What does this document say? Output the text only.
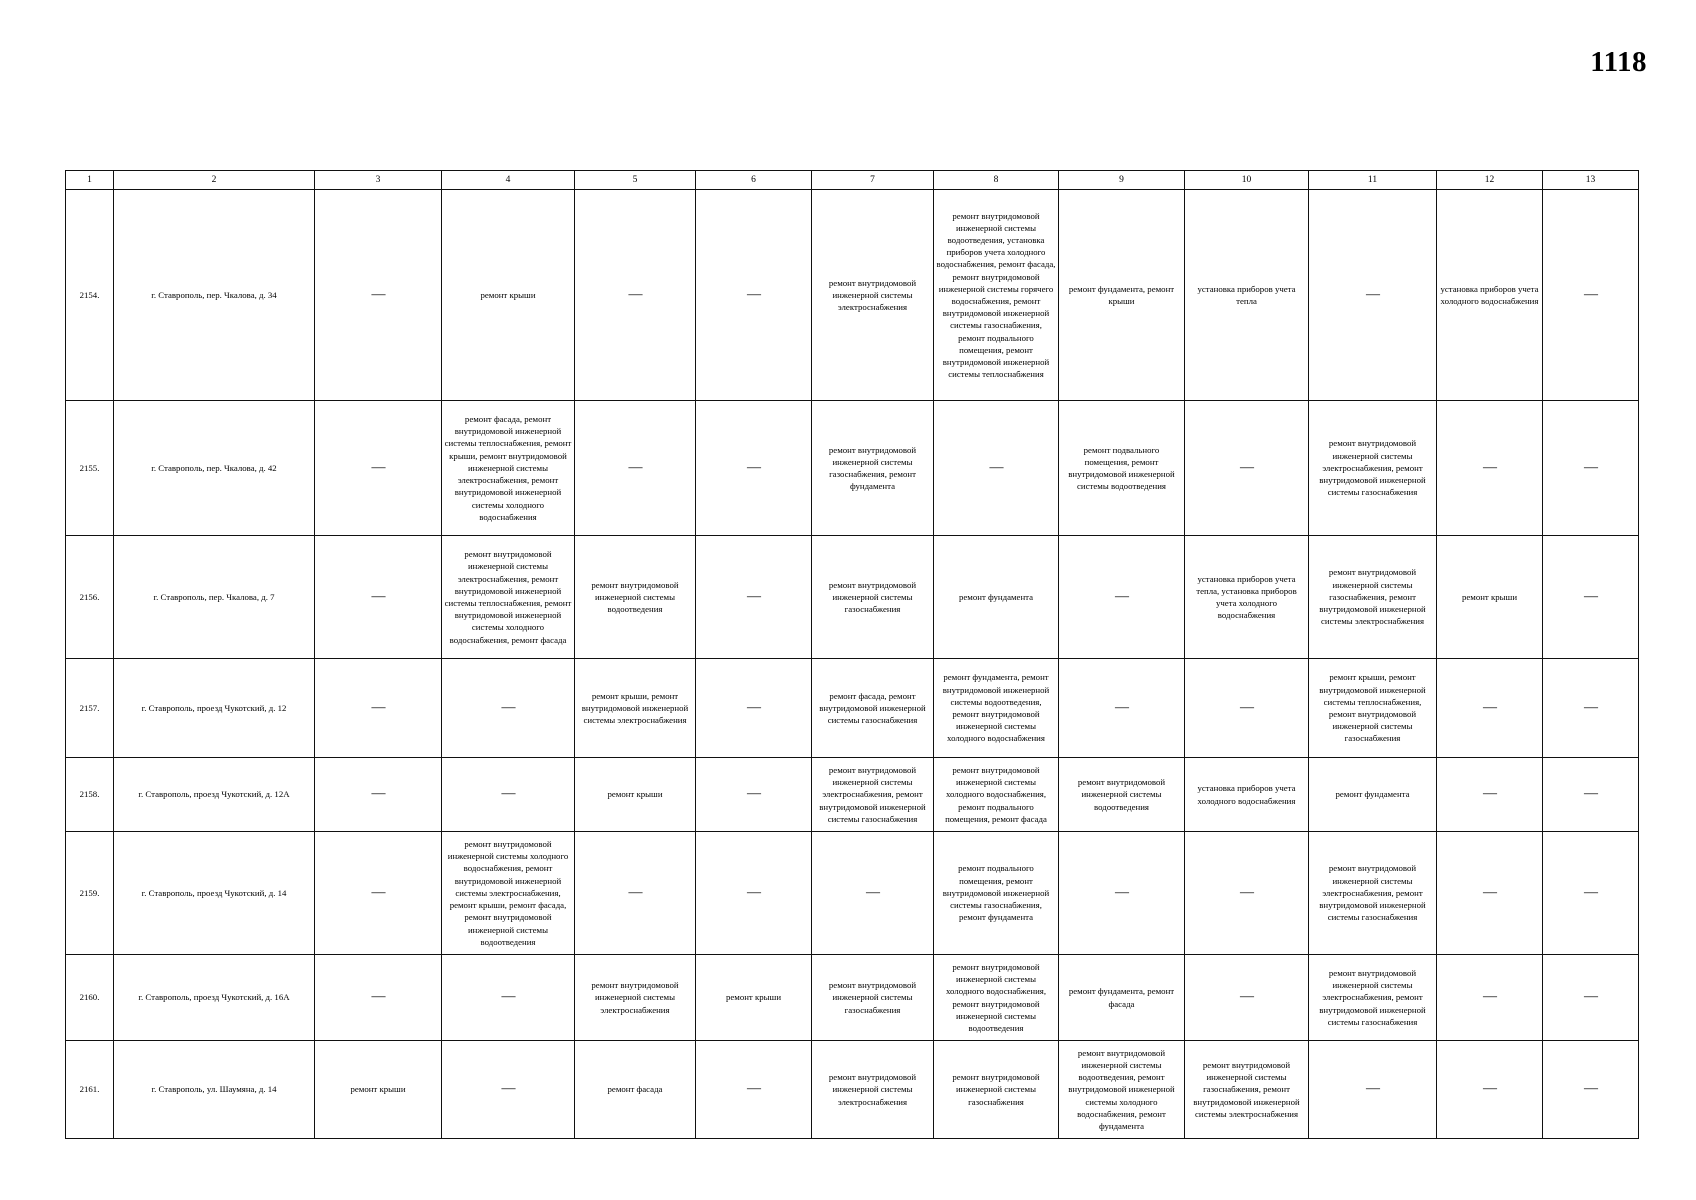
1118
1	2	3	4	5	6	7	8	9	10	11	12	13
2154.	г. Ставрополь, пер. Чкалова, д. 34	—	ремонт крыши	—	—	ремонт внутридомовой инженерной системы электроснабжения	ремонт внутридомовой инженерной системы водоотведения, установка приборов учета холодного водоснабжения, ремонт фасада, ремонт внутридомовой инженерной системы горячего водоснабжения, ремонт внутридомовой инженерной системы газоснабжения, ремонт подвального помещения, ремонт внутридомовой инженерной системы теплоснабжения	ремонт фундамента, ремонт крыши	установка приборов учета тепла	—	установка приборов учета холодного водоснабжения	—
2155.	г. Ставрополь, пер. Чкалова, д. 42	—	ремонт фасада, ремонт внутридомовой инженерной системы теплоснабжения, ремонт крыши, ремонт внутридомовой инженерной системы электроснабжения, ремонт внутридомовой инженерной системы холодного водоснабжения	—	—	ремонт внутридомовой инженерной системы газоснабжения, ремонт фундамента	—	ремонт подвального помещения, ремонт внутридомовой инженерной системы водоотведения	—	ремонт внутридомовой инженерной системы электроснабжения, ремонт внутридомовой инженерной системы газоснабжения	—	—
2156.	г. Ставрополь, пер. Чкалова, д. 7	—	ремонт внутридомовой инженерной системы электроснабжения, ремонт внутридомовой инженерной системы теплоснабжения, ремонт внутридомовой инженерной системы холодного водоснабжения, ремонт фасада	ремонт внутридомовой инженерной системы водоотведения	—	ремонт внутридомовой инженерной системы газоснабжения	ремонт фундамента	—	установка приборов учета тепла, установка приборов учета холодного водоснабжения	ремонт внутридомовой инженерной системы газоснабжения, ремонт внутридомовой инженерной системы электроснабжения	ремонт крыши	—
2157.	г. Ставрополь, проезд Чукотский, д. 12	—	—	ремонт крыши, ремонт внутридомовой инженерной системы электроснабжения	—	ремонт фасада, ремонт внутридомовой инженерной системы газоснабжения	ремонт фундамента, ремонт внутридомовой инженерной системы водоотведения, ремонт внутридомовой инженерной системы холодного водоснабжения	—	—	ремонт крыши, ремонт внутридомовой инженерной системы теплоснабжения, ремонт внутридомовой инженерной системы газоснабжения	—	—
2158.	г. Ставрополь, проезд Чукотский, д. 12А	—	—	ремонт крыши	—	ремонт внутридомовой инженерной системы электроснабжения, ремонт внутридомовой инженерной системы газоснабжения	ремонт внутридомовой инженерной системы холодного водоснабжения, ремонт подвального помещения, ремонт фасада	ремонт внутридомовой инженерной системы водоотведения	установка приборов учета холодного водоснабжения	ремонт фундамента	—	—
2159.	г. Ставрополь, проезд Чукотский, д. 14	—	ремонт внутридомовой инженерной системы холодного водоснабжения, ремонт внутридомовой инженерной системы электроснабжения, ремонт крыши, ремонт фасада, ремонт внутридомовой инженерной системы водоотведения	—	—	—	ремонт подвального помещения, ремонт внутридомовой инженерной системы газоснабжения, ремонт фундамента	—	—	ремонт внутридомовой инженерной системы электроснабжения, ремонт внутридомовой инженерной системы газоснабжения	—	—
2160.	г. Ставрополь, проезд Чукотский, д. 16А	—	—	ремонт внутридомовой инженерной системы электроснабжения	ремонт крыши	ремонт внутридомовой инженерной системы газоснабжения	ремонт внутридомовой инженерной системы холодного водоснабжения, ремонт внутридомовой инженерной системы водоотведения	ремонт фундамента, ремонт фасада	—	ремонт внутридомовой инженерной системы электроснабжения, ремонт внутридомовой инженерной системы газоснабжения	—	—
2161.	г. Ставрополь, ул. Шаумяна, д. 14	ремонт крыши	—	ремонт фасада	—	ремонт внутридомовой инженерной системы электроснабжения	ремонт внутридомовой инженерной системы газоснабжения	ремонт внутридомовой инженерной системы водоотведения, ремонт внутридомовой инженерной системы холодного водоснабжения, ремонт фундамента	ремонт внутридомовой инженерной системы газоснабжения, ремонт внутридомовой инженерной системы электроснабжения	—	—	—
